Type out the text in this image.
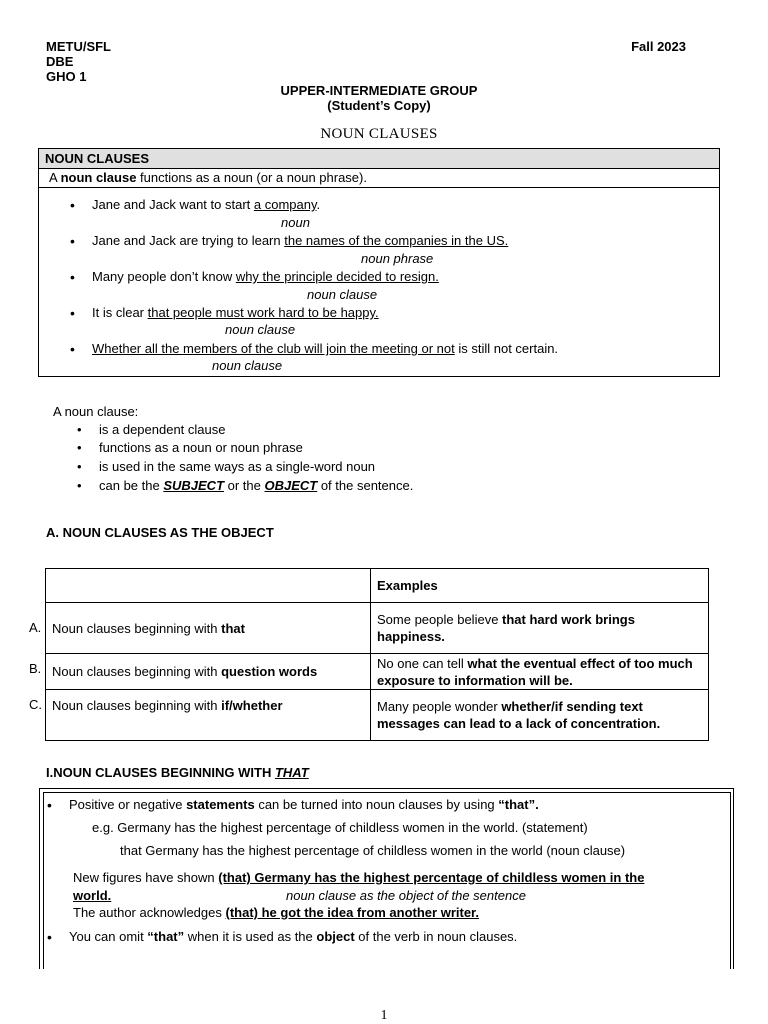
METU/SFL
DBE
GHO 1
Fall 2023
UPPER-INTERMEDIATE GROUP
(Student’s Copy)
NOUN CLAUSES
NOUN CLAUSES
A noun clause functions as a noun (or a noun phrase).
• Jane and Jack want to start a company.
noun
• Jane and Jack are trying to learn the names of the companies in the US.
noun phrase
• Many people don’t know why the principle decided to resign.
noun clause
• It is clear that people must work hard to be happy.
noun clause
• Whether all the members of the club will join the meeting or not is still not certain.
noun clause
A noun clause:
• is a dependent clause
• functions as a noun or noun phrase
• is used in the same ways as a single-word noun
• can be the SUBJECT or the OBJECT of the sentence.
A. NOUN CLAUSES AS THE OBJECT
A.
B.
C.
	Examples
Noun clauses beginning with that	Some people believe that hard work brings happiness.
Noun clauses beginning with question words	No one can tell what the eventual effect of too much exposure to information will be.
Noun clauses beginning with if/whether	Many people wonder whether/if sending text messages can lead to a lack of concentration.
I.NOUN CLAUSES BEGINNING WITH THAT
• Positive or negative statements can be turned into noun clauses by using “that”.
e.g. Germany has the highest percentage of childless women in the world. (statement)
that Germany has the highest percentage of childless women in the world (noun clause)
New figures have shown (that) Germany has the highest percentage of childless women in the
world.	noun clause as the object of the sentence
The author acknowledges (that) he got the idea from another writer.
• You can omit “that” when it is used as the object of the verb in noun clauses.
1
